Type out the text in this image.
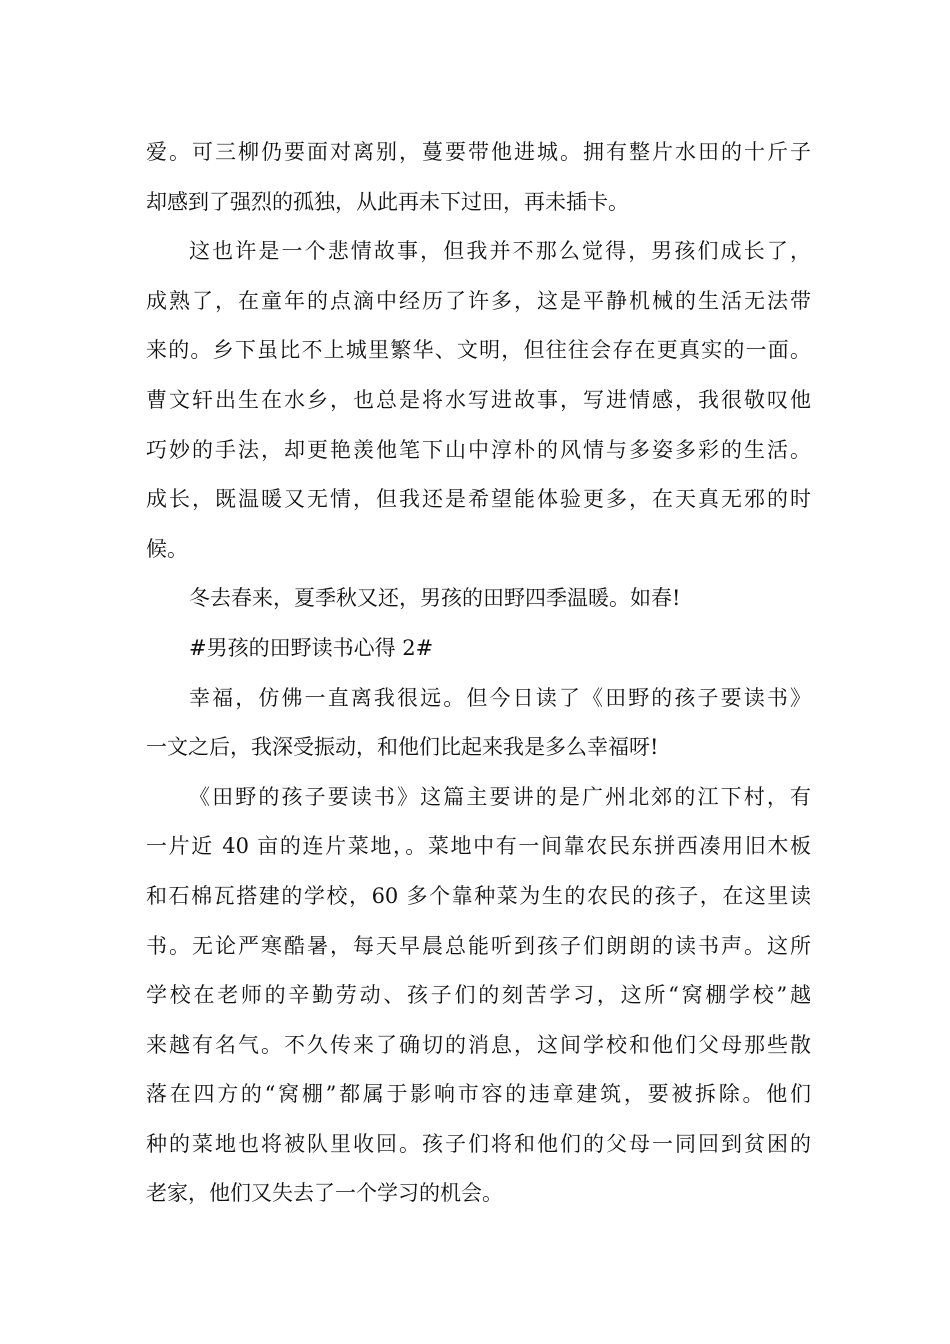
爱。可三柳仍要面对离别，蔓要带他进城。拥有整片水田的十斤子
却感到了强烈的孤独，从此再未下过田，再未插卡。
这也许是一个悲情故事，但我并不那么觉得，男孩们成长了，
成熟了，在童年的点滴中经历了许多，这是平静机械的生活无法带
来的。乡下虽比不上城里繁华、文明，但往往会存在更真实的一面。
曹文轩出生在水乡，也总是将水写进故事，写进情感，我很敬叹他
巧妙的手法，却更艳羡他笔下山中淳朴的风情与多姿多彩的生活。
成长，既温暖又无情，但我还是希望能体验更多，在天真无邪的时
候。
冬去春来，夏季秋又还，男孩的田野四季温暖。如春!
#男孩的田野读书心得 2#
幸福，仿佛一直离我很远。但今日读了《田野的孩子要读书》
一文之后，我深受振动，和他们比起来我是多么幸福呀!
《田野的孩子要读书》这篇主要讲的是广州北郊的江下村，有
一片近 40 亩的连片菜地，。菜地中有一间靠农民东拼西凑用旧木板
和石棉瓦搭建的学校，60 多个靠种菜为生的农民的孩子，在这里读
书。无论严寒酷暑，每天早晨总能听到孩子们朗朗的读书声。这所
学校在老师的辛勤劳动、孩子们的刻苦学习，这所“窝棚学校”越
来越有名气。不久传来了确切的消息，这间学校和他们父母那些散
落在四方的“窝棚”都属于影响市容的违章建筑，要被拆除。他们
种的菜地也将被队里收回。孩子们将和他们的父母一同回到贫困的
老家，他们又失去了一个学习的机会。
